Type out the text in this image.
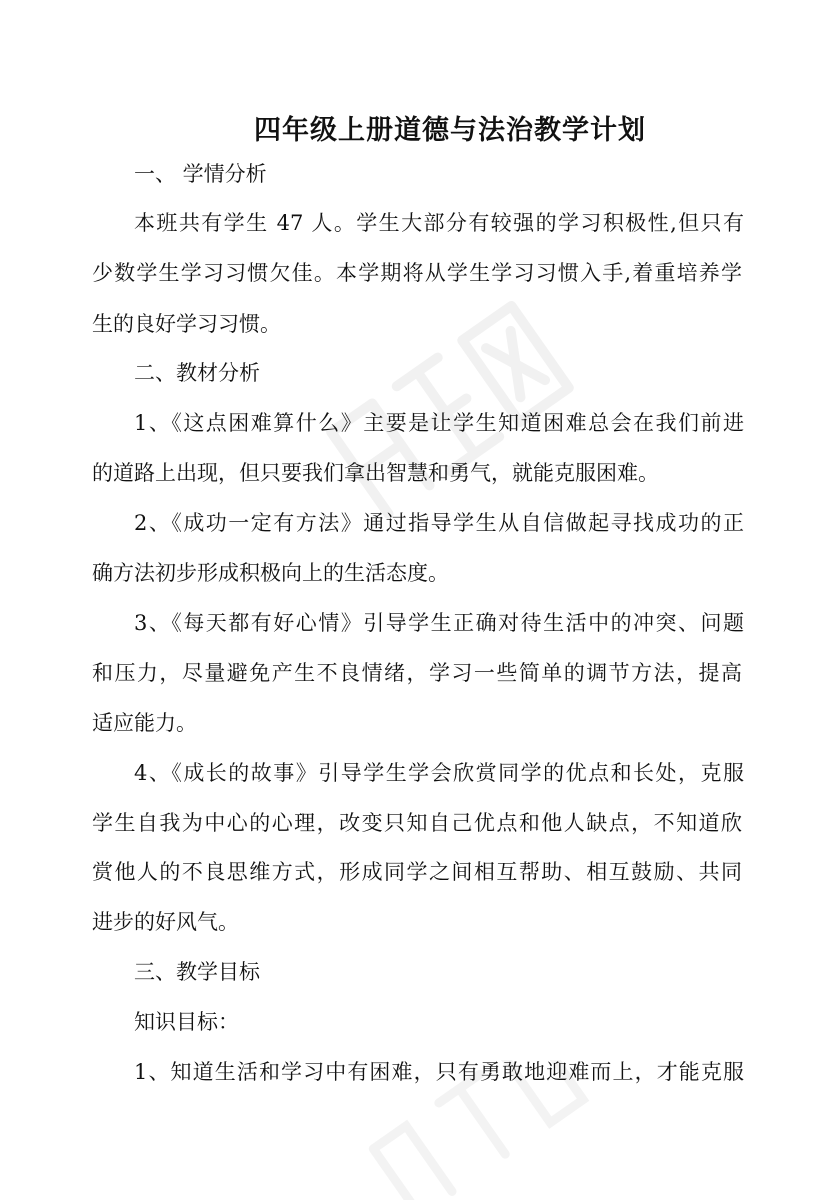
四年级上册道德与法治教学计划
一、 学情分析
本班共有学生 47 人。学生大部分有较强的学习积极性,但只有
少数学生学习习惯欠佳。本学期将从学生学习习惯入手,着重培养学
生的良好学习习惯。
二、教材分析
1、《这点困难算什么》主要是让学生知道困难总会在我们前进
的道路上出现，但只要我们拿出智慧和勇气，就能克服困难。
2、《成功一定有方法》通过指导学生从自信做起寻找成功的正
确方法初步形成积极向上的生活态度。
3、《每天都有好心情》引导学生正确对待生活中的冲突、问题
和压力，尽量避免产生不良情绪，学习一些简单的调节方法，提高
适应能力。
4、《成长的故事》引导学生学会欣赏同学的优点和长处，克服
学生自我为中心的心理，改变只知自己优点和他人缺点，不知道欣
赏他人的不良思维方式，形成同学之间相互帮助、相互鼓励、共同
进步的好风气。
三、教学目标
知识目标：
1、知道生活和学习中有困难，只有勇敢地迎难而上，才能克服
